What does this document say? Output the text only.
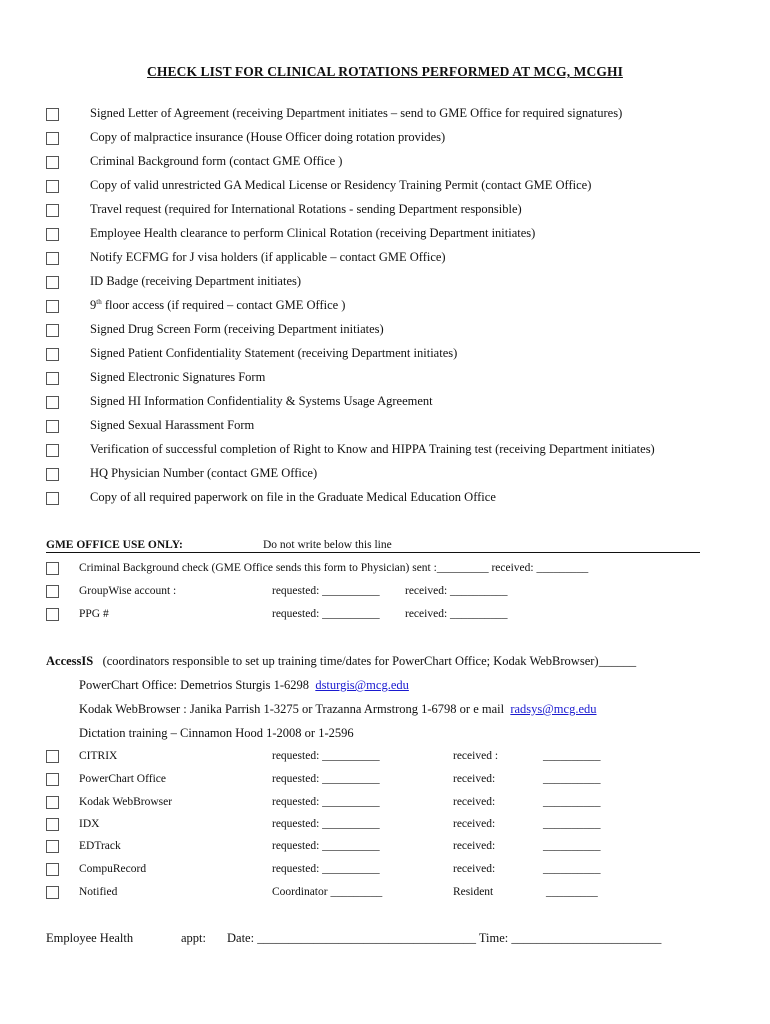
CHECK LIST FOR CLINICAL ROTATIONS PERFORMED AT MCG, MCGHI
Signed Letter of Agreement (receiving Department initiates – send to GME Office for required signatures)
Copy of malpractice insurance (House Officer doing rotation provides)
Criminal Background form (contact GME Office )
Copy of valid unrestricted GA Medical License or Residency Training Permit (contact GME Office)
Travel request (required for International Rotations - sending Department responsible)
Employee Health clearance to perform Clinical Rotation (receiving Department initiates)
Notify ECFMG for J visa holders (if applicable – contact GME Office)
ID Badge (receiving Department initiates)
9th floor access (if required – contact GME Office )
Signed Drug Screen Form (receiving Department initiates)
Signed Patient Confidentiality Statement (receiving Department initiates)
Signed Electronic Signatures Form
Signed HI Information Confidentiality & Systems Usage Agreement
Signed Sexual Harassment Form
Verification of successful completion of Right to Know and HIPPA Training test (receiving Department initiates)
HQ Physician Number (contact GME Office)
Copy of all required paperwork on file in the Graduate Medical Education Office
GME OFFICE USE ONLY:	Do not write below this line
Criminal Background check (GME Office sends this form to Physician) sent :_________ received: _________
GroupWise account :	requested: __________ received: __________
PPG #	requested: __________ received: __________
AccessIS (coordinators responsible to set up training time/dates for PowerChart Office; Kodak WebBrowser)______
PowerChart Office: Demetrios Sturgis 1-6298 dsturgis@mcg.edu
Kodak WebBrowser : Janika Parrish 1-3275 or Trazanna Armstrong 1-6798 or e mail radsys@mcg.edu
Dictation training – Cinnamon Hood 1-2008 or 1-2596
CITRIX	requested: __________	received :	__________
PowerChart Office	requested: __________	received:	__________
Kodak WebBrowser	requested: __________	received:	__________
IDX	requested: __________	received:	__________
EDTrack	requested: __________	received:	__________
CompuRecord	requested: __________	received:	__________
Notified	Coordinator _________	Resident	_________
Employee Health	appt: Date: ___________________________________ Time: ________________________
